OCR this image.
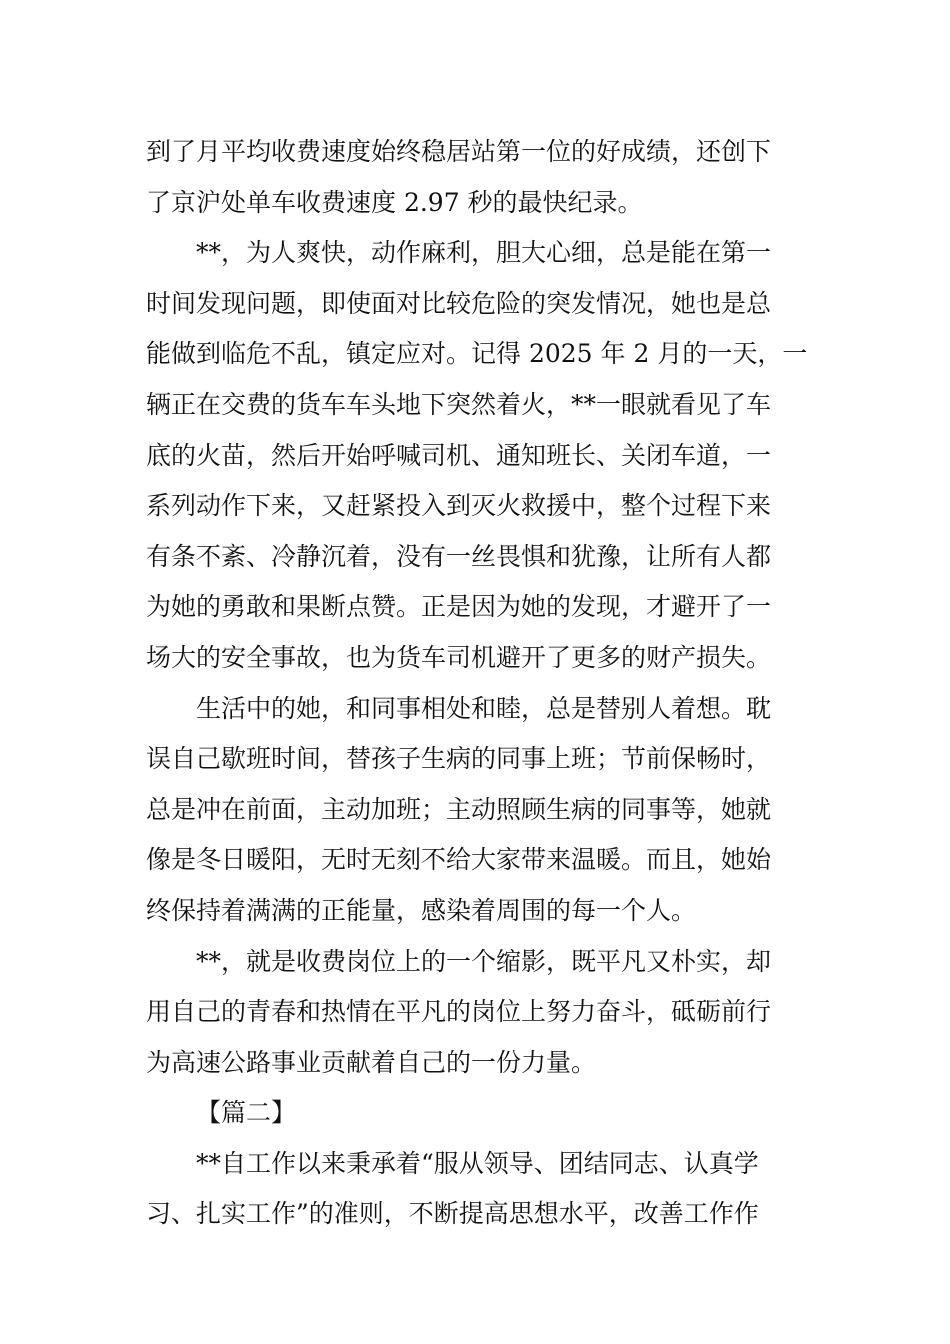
到了月平均收费速度始终稳居站第一位的好成绩，还创下
了京沪处单车收费速度 2.97 秒的最快纪录。
**，为人爽快，动作麻利，胆大心细，总是能在第一
时间发现问题，即使面对比较危险的突发情况，她也是总
能做到临危不乱，镇定应对。记得 2025 年 2 月的一天，一
辆正在交费的货车车头地下突然着火，**一眼就看见了车
底的火苗，然后开始呼喊司机、通知班长、关闭车道，一
系列动作下来，又赶紧投入到灭火救援中，整个过程下来
有条不紊、冷静沉着，没有一丝畏惧和犹豫，让所有人都
为她的勇敢和果断点赞。正是因为她的发现，才避开了一
场大的安全事故，也为货车司机避开了更多的财产损失。
生活中的她，和同事相处和睦，总是替别人着想。耽
误自己歇班时间，替孩子生病的同事上班；节前保畅时，
总是冲在前面，主动加班；主动照顾生病的同事等，她就
像是冬日暖阳，无时无刻不给大家带来温暖。而且，她始
终保持着满满的正能量，感染着周围的每一个人。
**，就是收费岗位上的一个缩影，既平凡又朴实，却
用自己的青春和热情在平凡的岗位上努力奋斗，砥砺前行
为高速公路事业贡献着自己的一份力量。
【篇二】
**自工作以来秉承着“服从领导、团结同志、认真学
习、扎实工作”的准则，不断提高思想水平，改善工作作
